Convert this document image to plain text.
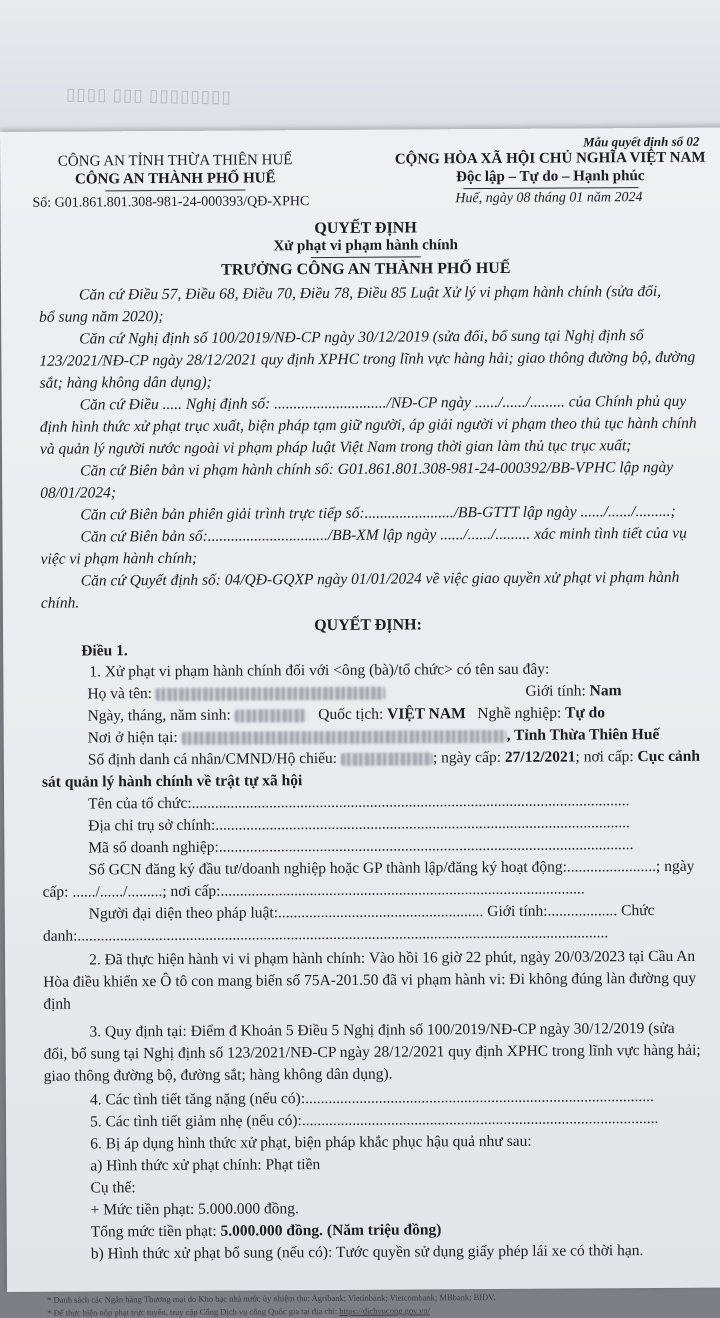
▯▯▯▯▯▯▯▯ ▯▯▯ ▯▯▯▯
Mẫu quyết định số 02
CÔNG AN TỈNH THỪA THIÊN HUẾ
CÔNG AN THÀNH PHỐ HUẾ
Số: G01.861.801.308-981-24-000393/QĐ-XPHC
CỘNG HÒA XÃ HỘI CHỦ NGHĨA VIỆT NAM
Độc lập – Tự do – Hạnh phúc
Huế, ngày 08 tháng 01 năm 2024
QUYẾT ĐỊNH
Xử phạt vi phạm hành chính
TRƯỞNG CÔNG AN THÀNH PHỐ HUẾ
Căn cứ Điều 57, Điều 68, Điều 70, Điều 78, Điều 85 Luật Xử lý vi phạm hành chính (sửa đổi,
bổ sung năm 2020);
Căn cứ Nghị định số 100/2019/NĐ-CP ngày 30/12/2019 (sửa đổi, bổ sung tại Nghị định số
123/2021/NĐ-CP ngày 28/12/2021 quy định XPHC trong lĩnh vực hàng hải; giao thông đường bộ, đường
sắt; hàng không dân dụng);
Căn cứ Điều ..... Nghị định số: ............................./NĐ-CP ngày ....../....../......... của Chính phủ quy
định hình thức xử phạt trục xuất, biện pháp tạm giữ người, áp giải người vi phạm theo thủ tục hành chính
và quản lý người nước ngoài vi phạm pháp luật Việt Nam trong thời gian làm thủ tục trục xuất;
Căn cứ Biên bản vi phạm hành chính số: G01.861.801.308-981-24-000392/BB-VPHC lập ngày
08/01/2024;
Căn cứ Biên bản phiên giải trình trực tiếp số:......................./BB-GTTT lập ngày ....../....../.........;
Căn cứ Biên bản số:.............................../BB-XM lập ngày ....../....../......... xác minh tình tiết của vụ
việc vi phạm hành chính;
Căn cứ Quyết định số: 04/QĐ-GQXP ngày 01/01/2024 về việc giao quyền xử phạt vi phạm hành
chính.
QUYẾT ĐỊNH:
Điều 1.
1. Xử phạt vi phạm hành chính đối với <ông (bà)/tổ chức> có tên sau đây:
Họ và tên:	Giới tính: Nam
Ngày, tháng, năm sinh:	Quốc tịch: VIỆT NAM Nghề nghiệp: Tự do
Nơi ở hiện tại:	, Tỉnh Thừa Thiên Huế
Số định danh cá nhân/CMND/Hộ chiếu:	; ngày cấp: 27/12/2021; nơi cấp: Cục cảnh
sát quản lý hành chính về trật tự xã hội
Tên của tổ chức:.................................................................................................................
Địa chỉ trụ sở chính:...........................................................................................................
Mã số doanh nghiệp:...........................................................................................................
Số GCN đăng ký đầu tư/doanh nghiệp hoặc GP thành lập/đăng ký hoạt động:.......................; ngày
cấp: ....../....../.........; nơi cấp:..............................................................................................
Người đại diện theo pháp luật:..................................................... Giới tính:.................. Chức
danh:.........................................................................................................................................
2. Đã thực hiện hành vi vi phạm hành chính: Vào hồi 16 giờ 22 phút, ngày 20/03/2023 tại Cầu An
Hòa điều khiển xe Ô tô con mang biển số 75A-201.50 đã vi phạm hành vi: Đi không đúng làn đường quy
định
3. Quy định tại: Điểm đ Khoản 5 Điều 5 Nghị định số 100/2019/NĐ-CP ngày 30/12/2019 (sửa
đổi, bổ sung tại Nghị định số 123/2021/NĐ-CP ngày 28/12/2021 quy định XPHC trong lĩnh vực hàng hải;
giao thông đường bộ, đường sắt; hàng không dân dụng).
4. Các tình tiết tăng nặng (nếu có):..........................................................................................
5. Các tình tiết giảm nhẹ (nếu có):............................................................................................
6. Bị áp dụng hình thức xử phạt, biện pháp khắc phục hậu quả như sau:
a) Hình thức xử phạt chính: Phạt tiền
Cụ thể:
+ Mức tiền phạt: 5.000.000 đồng.
Tổng mức tiền phạt: 5.000.000 đồng. (Năm triệu đồng)
b) Hình thức xử phạt bổ sung (nếu có): Tước quyền sử dụng giấy phép lái xe có thời hạn.
* Danh sách các Ngân hàng Thương mại do Kho bạc nhà nước ủy nhiệm thu: Agribank; Vietinbank; Vietcombank; MBbank; BIDV.
* Để thực hiện nộp phạt trực tuyến, truy cập Cổng Dịch vụ công Quốc gia tại địa chỉ: https://dichvucong.gov.vn/
